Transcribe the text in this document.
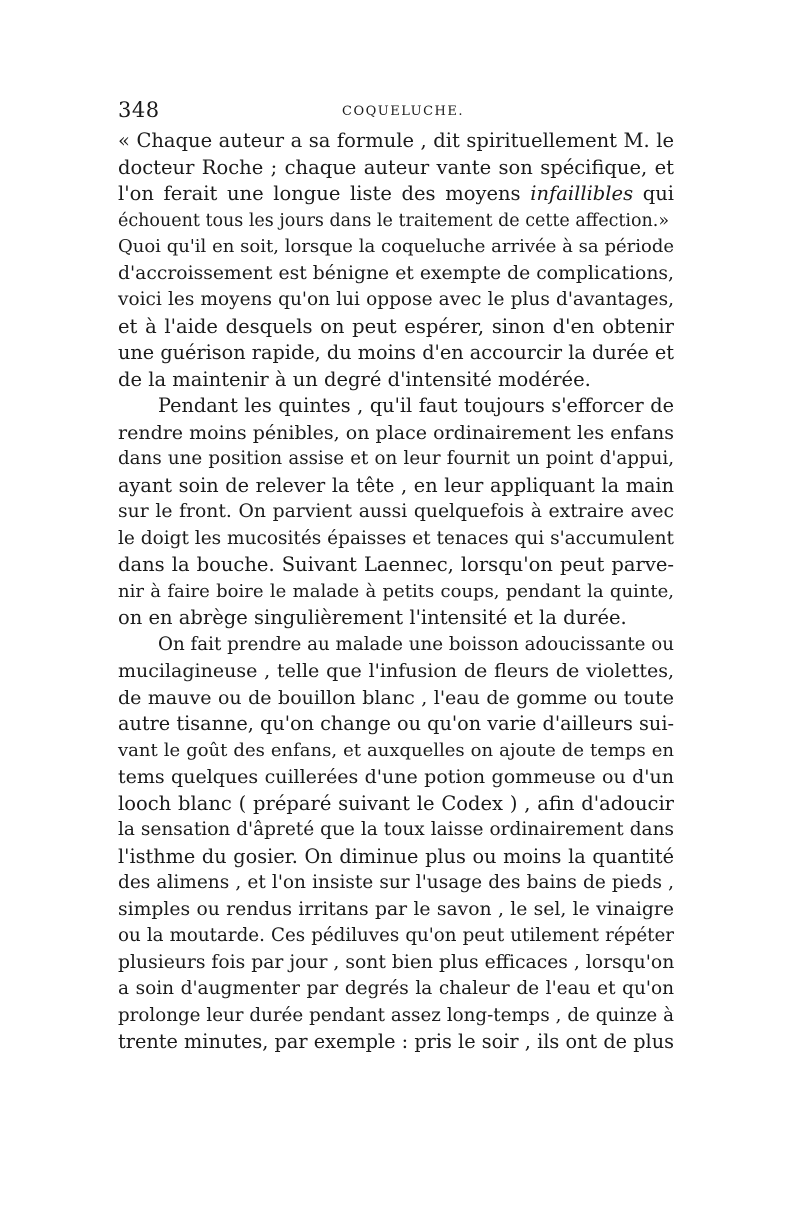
348	COQUELUCHE.
« Chaque auteur a sa formule , dit spirituellement M. le
docteur Roche ; chaque auteur vante son spécifique, et
l'on ferait une longue liste des moyens infaillibles qui
échouent tous les jours dans le traitement de cette affection.»
Quoi qu'il en soit, lorsque la coqueluche arrivée à sa période
d'accroissement est bénigne et exempte de complications,
voici les moyens qu'on lui oppose avec le plus d'avantages,
et à l'aide desquels on peut espérer, sinon d'en obtenir
une guérison rapide, du moins d'en accourcir la durée et
de la maintenir à un degré d'intensité modérée.
Pendant les quintes , qu'il faut toujours s'efforcer de
rendre moins pénibles, on place ordinairement les enfans
dans une position assise et on leur fournit un point d'appui,
ayant soin de relever la tête , en leur appliquant la main
sur le front. On parvient aussi quelquefois à extraire avec
le doigt les mucosités épaisses et tenaces qui s'accumulent
dans la bouche. Suivant Laennec, lorsqu'on peut parve-
nir à faire boire le malade à petits coups, pendant la quinte,
on en abrège singulièrement l'intensité et la durée.
On fait prendre au malade une boisson adoucissante ou
mucilagineuse , telle que l'infusion de fleurs de violettes,
de mauve ou de bouillon blanc , l'eau de gomme ou toute
autre tisanne, qu'on change ou qu'on varie d'ailleurs sui-
vant le goût des enfans, et auxquelles on ajoute de temps en
tems quelques cuillerées d'une potion gommeuse ou d'un
looch blanc ( préparé suivant le Codex ) , afin d'adoucir
la sensation d'âpreté que la toux laisse ordinairement dans
l'isthme du gosier. On diminue plus ou moins la quantité
des alimens , et l'on insiste sur l'usage des bains de pieds ,
simples ou rendus irritans par le savon , le sel, le vinaigre
ou la moutarde. Ces pédiluves qu'on peut utilement répéter
plusieurs fois par jour , sont bien plus efficaces , lorsqu'on
a soin d'augmenter par degrés la chaleur de l'eau et qu'on
prolonge leur durée pendant assez long-temps , de quinze à
trente minutes, par exemple : pris le soir , ils ont de plus
